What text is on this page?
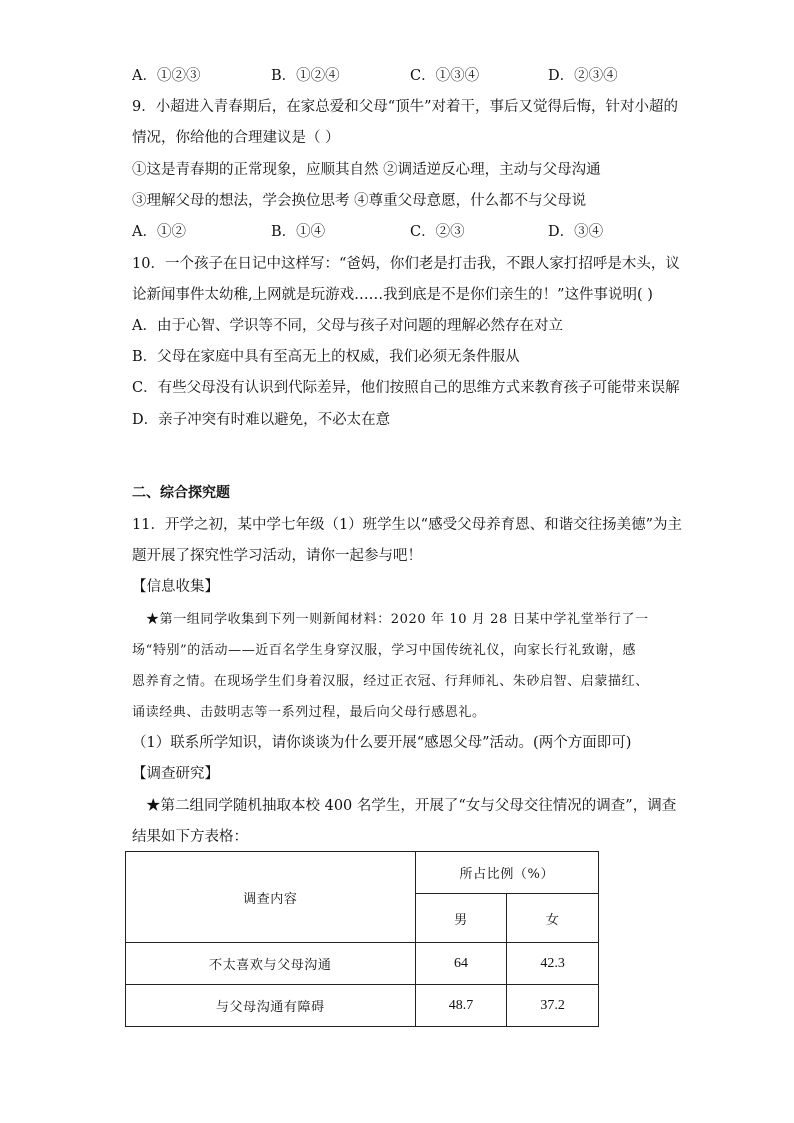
A．①②③	B．①②④	C．①③④	D．②③④
9．小超进入青春期后，在家总爱和父母“顶牛”对着干，事后又觉得后悔，针对小超的
情况，你给他的合理建议是（ ）
①这是青春期的正常现象，应顺其自然 ②调适逆反心理，主动与父母沟通
③理解父母的想法，学会换位思考 ④尊重父母意愿，什么都不与父母说
A．①②	B．①④	C．②③	D．③④
10．一个孩子在日记中这样写：“爸妈，你们老是打击我，不跟人家打招呼是木头，议
论新闻事件太幼稚,上网就是玩游戏……我到底是不是你们亲生的！”这件事说明( )
A．由于心智、学识等不同，父母与孩子对问题的理解必然存在对立
B．父母在家庭中具有至高无上的权威，我们必须无条件服从
C．有些父母没有认识到代际差异，他们按照自己的思维方式来教育孩子可能带来误解
D．亲子冲突有时难以避免，不必太在意
二、综合探究题
11．开学之初，某中学七年级（1）班学生以“感受父母养育恩、和谐交往扬美德”为主
题开展了探究性学习活动，请你一起参与吧！
【信息收集】
★第一组同学收集到下列一则新闻材料：2020 年 10 月 28 日某中学礼堂举行了一
场“特别”的活动——近百名学生身穿汉服，学习中国传统礼仪，向家长行礼致谢，感
恩养育之情。在现场学生们身着汉服，经过正衣冠、行拜师礼、朱砂启智、启蒙描红、
诵读经典、击鼓明志等一系列过程，最后向父母行感恩礼。
（1）联系所学知识，请你谈谈为什么要开展“感恩父母”活动。(两个方面即可)
【调查研究】
★第二组同学随机抽取本校 400 名学生，开展了“女与父母交往情况的调查”，调查
结果如下方表格：
调查内容	所占比例（%）	
	男	女
不太喜欢与父母沟通	64	42.3
与父母沟通有障碍	48.7	37.2
